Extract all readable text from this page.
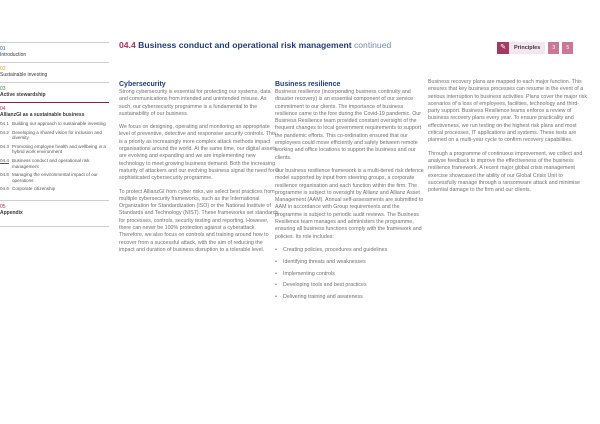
01
Introduction
02
Sustainable investing
03
Active stewardship
04
AllianzGI as a sustainable business
04.1 Building our approach to sustainable investing
04.2 Developing a shared vision for inclusion and diversity
04.3 Promoting employee health and wellbeing in a hybrid work environment
04.4 Business conduct and operational risk management
04.5 Managing the environmental impact of our operations
04.6 Corporate citizenship
05
Appendix
04.4 Business conduct and operational risk management continued	✎	Principles	3	5
Cybersecurity

Strong cybersecurity is essential for protecting our systems, data and communications from intended and unintended misuse. As such, our cybersecurity programme is a fundamental to the sustainability of our business.

We focus on designing, operating and monitoring an appropriate level of preventive, detective and responsive security controls. This is a priority as increasingly more complex attack methods impact organisations around the world. At the same time, our digital assets are evolving and expanding and we are implementing new technology to meet growing business demand. Both the increasing maturity of attackers and our evolving business signal the need for a sophisticated cybersecurity programme.

To protect AllianzGI from cyber risks, we select best practices from multiple cybersecurity frameworks, such as the International Organization for Standardization (ISO) or the National Institute of Standards and Technology (NIST). These frameworks set standards for processes, controls, security testing and reporting. However, there can never be 100% protection against a cyberattack. Therefore, we also focus on controls and training around how to recover from a successful attack, with the aim of reducing the impact and duration of business disruption to a tolerable level.

Business resilience

Business resilience (incorporating business continuity and disaster recovery) is an essential component of our service commitment to our clients. The importance of business resilience came to the fore during the Covid-19 pandemic. Our Business Resilience team provided constant oversight of the frequent changes to local government requirements to support the pandemic efforts. This co-ordination ensured that our employees could move efficiently and safely between remote working and office locations to support the business and our clients.

Our business resilience framework is a multi-tiered risk defence model supported by input from steering groups, a corporate resilience organisation and each function within the firm. The programme is subject to oversight by Allianz and Allianz Asset Management (AAM). Annual self-assessments are submitted to AAM in accordance with Group requirements and the programme is subject to periodic audit reviews. The Business Resilience team manages and administers the programme, ensuring all business functions comply with the framework and policies. Its role includes:

•	Creating policies, procedures and guidelines
•	Identifying threats and weaknesses
•	Implementing controls
•	Developing tools and best practices
•	Delivering training and awareness

Business recovery plans are mapped to each major function. This ensures that key business processes can resume in the event of a serious interruption to business activities. Plans cover the major risk scenarios of a loss of employees, facilities, technology and third-party support. Business Resilience teams enforce a review of business recovery plans every year. To ensure practicality and effectiveness, we run testing on the highest risk plans and most critical processes, IT applications and systems. These tests are planned on a multi-year cycle to confirm recovery capabilities.

Through a programme of continuous improvement, we collect and analyse feedback to improve the effectiveness of the business resilience framework. A recent major global crisis management exercise showcased the ability of our Global Crisis Unit to successfully manage through a ransomware attack and minimise potential damage to the firm and our clients.
